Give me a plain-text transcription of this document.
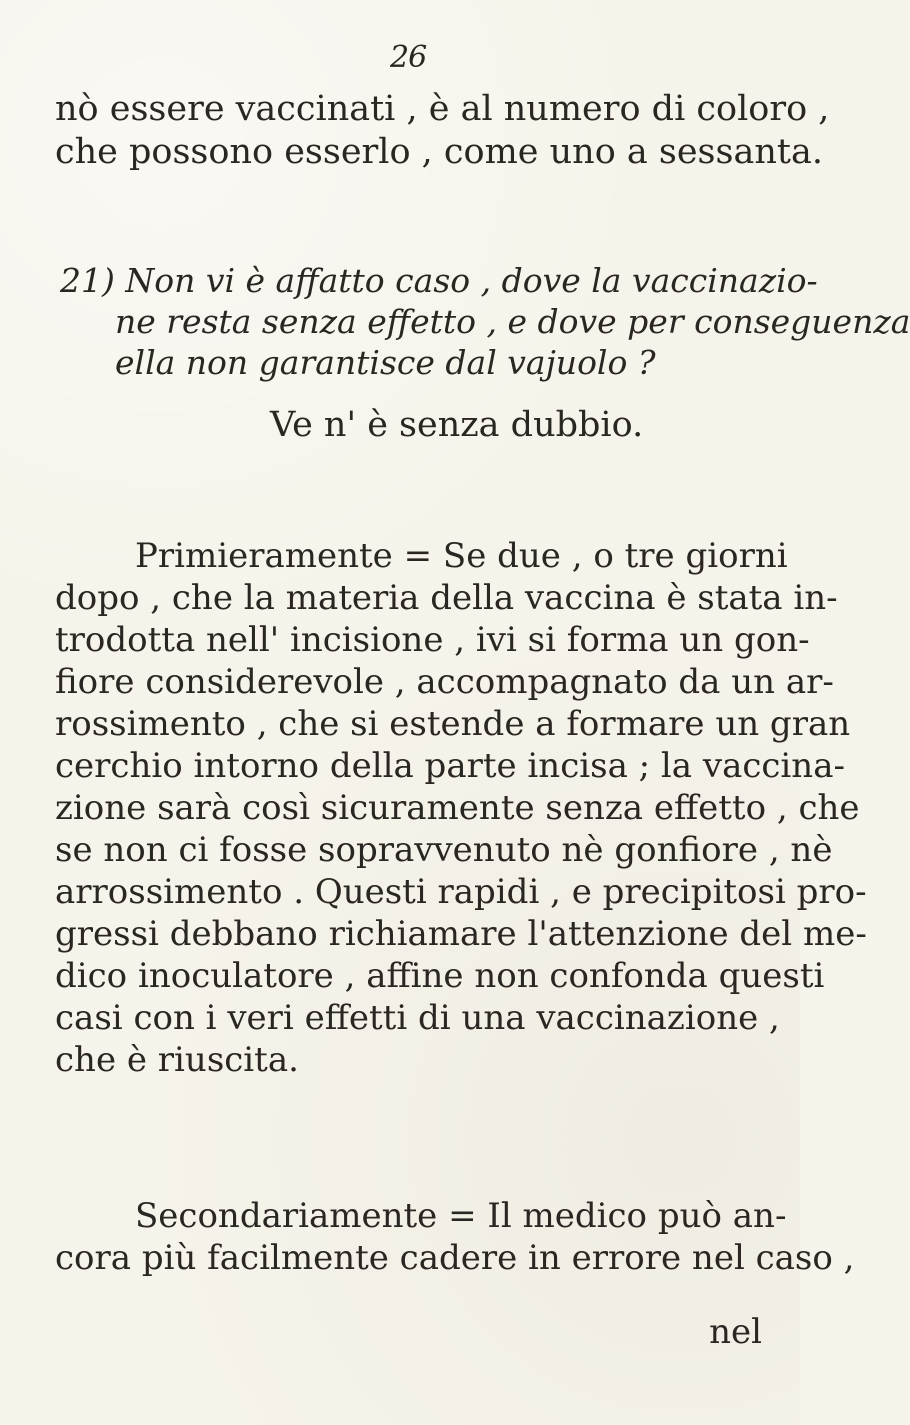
26

nò essere vaccinati , è al numero di coloro ,

che possono esserlo , come uno a sessanta.

21) Non vi è affatto caso , dove la vaccinazio-

ne resta senza effetto , e dove per conseguenza

ella non garantisce dal vajuolo ?

Ve n' è senza dubbio.

Primieramente = Se due , o tre giorni

dopo , che la materia della vaccina è stata in-

trodotta nell' incisione , ivi si forma un gon-

fiore considerevole , accompagnato da un ar-

rossimento , che si estende a formare un gran

cerchio intorno della parte incisa ; la vaccina-

zione sarà così sicuramente senza effetto , che

se non ci fosse sopravvenuto nè gonfiore , nè

arrossimento . Questi rapidi , e precipitosi pro-

gressi debbano richiamare l'attenzione del me-

dico inoculatore , affine non confonda questi

casi con i veri effetti di una vaccinazione ,

che è riuscita.

Secondariamente = Il medico può an-

cora più facilmente cadere in errore nel caso ,

nel
